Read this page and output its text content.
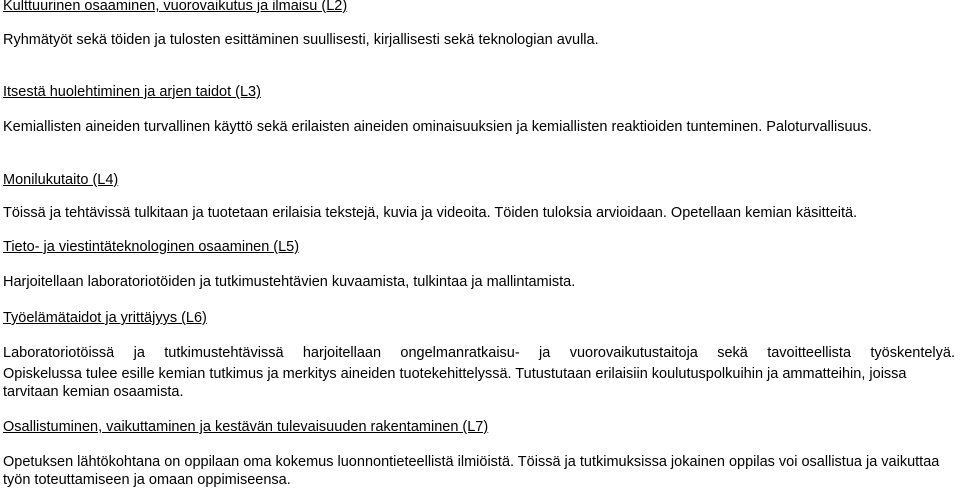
Kulttuurinen osaaminen, vuorovaikutus ja ilmaisu (L2)

Ryhmätyöt sekä töiden ja tulosten esittäminen suullisesti, kirjallisesti sekä teknologian avulla.

Itsestä huolehtiminen ja arjen taidot (L3)

Kemiallisten aineiden turvallinen käyttö sekä erilaisten aineiden ominaisuuksien ja kemiallisten reaktioiden tunteminen. Paloturvallisuus.

Monilukutaito (L4)

Töissä ja tehtävissä tulkitaan ja tuotetaan erilaisia tekstejä, kuvia ja videoita. Töiden tuloksia arvioidaan. Opetellaan kemian käsitteitä.

Tieto- ja viestintäteknologinen osaaminen (L5)

Harjoitellaan laboratoriotöiden ja tutkimustehtävien kuvaamista, tulkintaa ja mallintamista.

Työelämätaidot ja yrittäjyys (L6)

Laboratoriotöissä ja tutkimustehtävissä harjoitellaan ongelmanratkaisu- ja vuorovaikutustaitoja sekä tavoitteellista työskentelyä.

Opiskelussa tulee esille kemian tutkimus ja merkitys aineiden tuotekehittelyssä. Tutustutaan erilaisiin koulutuspolkuihin ja ammatteihin, joissa tarvitaan kemian osaamista.

Osallistuminen, vaikuttaminen ja kestävän tulevaisuuden rakentaminen (L7)

Opetuksen lähtökohtana on oppilaan oma kokemus luonnontieteellistä ilmiöistä. Töissä ja tutkimuksissa jokainen oppilas voi osallistua ja vaikuttaa työn toteuttamiseen ja omaan oppimiseensa.
